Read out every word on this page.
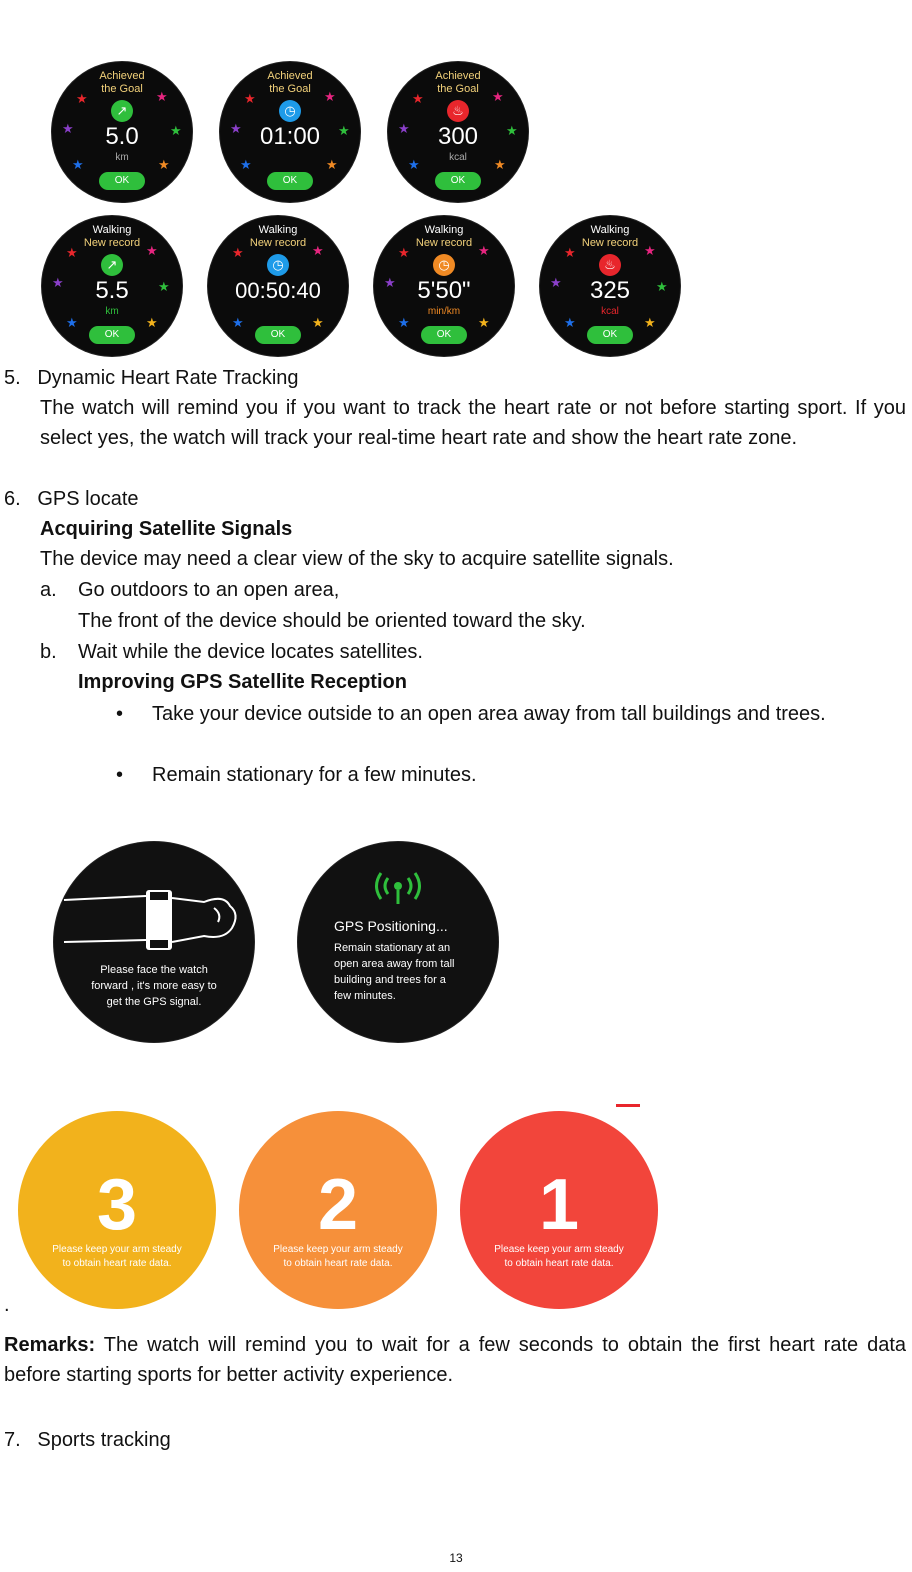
Achieved
the Goal
↗
5.0
km
OK
★
★
★
★
★
★
Achieved
the Goal
◷
01:00
OK
★
★
★
★
★
★
Achieved
the Goal
♨
300
kcal
OK
★
★
★
★
★
★
Walking
New record
↗
5.5
km
OK
★
★
★
★
★
★
Walking
New record
◷
00:50:40
OK
★
★
★
★
Walking
New record
◷
5'50"
min/km
OK
★
★
★
★
★
Walking
New record
♨
325
kcal
OK
★
★
★
★
★
★
5.   Dynamic Heart Rate Tracking
The watch will remind you if you want to track the heart rate or not before starting sport. If you select yes, the watch will track your real-time heart rate and show the heart rate zone.
6.   GPS locate
Acquiring Satellite Signals
The device may need a clear view of the sky to acquire satellite signals.
a. Go outdoors to an open area,
The front of the device should be oriented toward the sky.
b. Wait while the device locates satellites.
Improving GPS Satellite Reception
• Take your device outside to an open area away from tall buildings and trees.
• Remain stationary for a few minutes.
Please face the watch
forward , it's more easy to
get the GPS signal.
GPS Positioning...
Remain stationary at an
open area away from tall
building and trees for a
few minutes.
3
Please keep your arm steady
to obtain heart rate data.
2
Please keep your arm steady
to obtain heart rate data.
1
Please keep your arm steady
to obtain heart rate data.
.
Remarks: The watch will remind you to wait for a few seconds to obtain the first heart rate data before starting sports for better activity experience.
7.   Sports tracking
13
